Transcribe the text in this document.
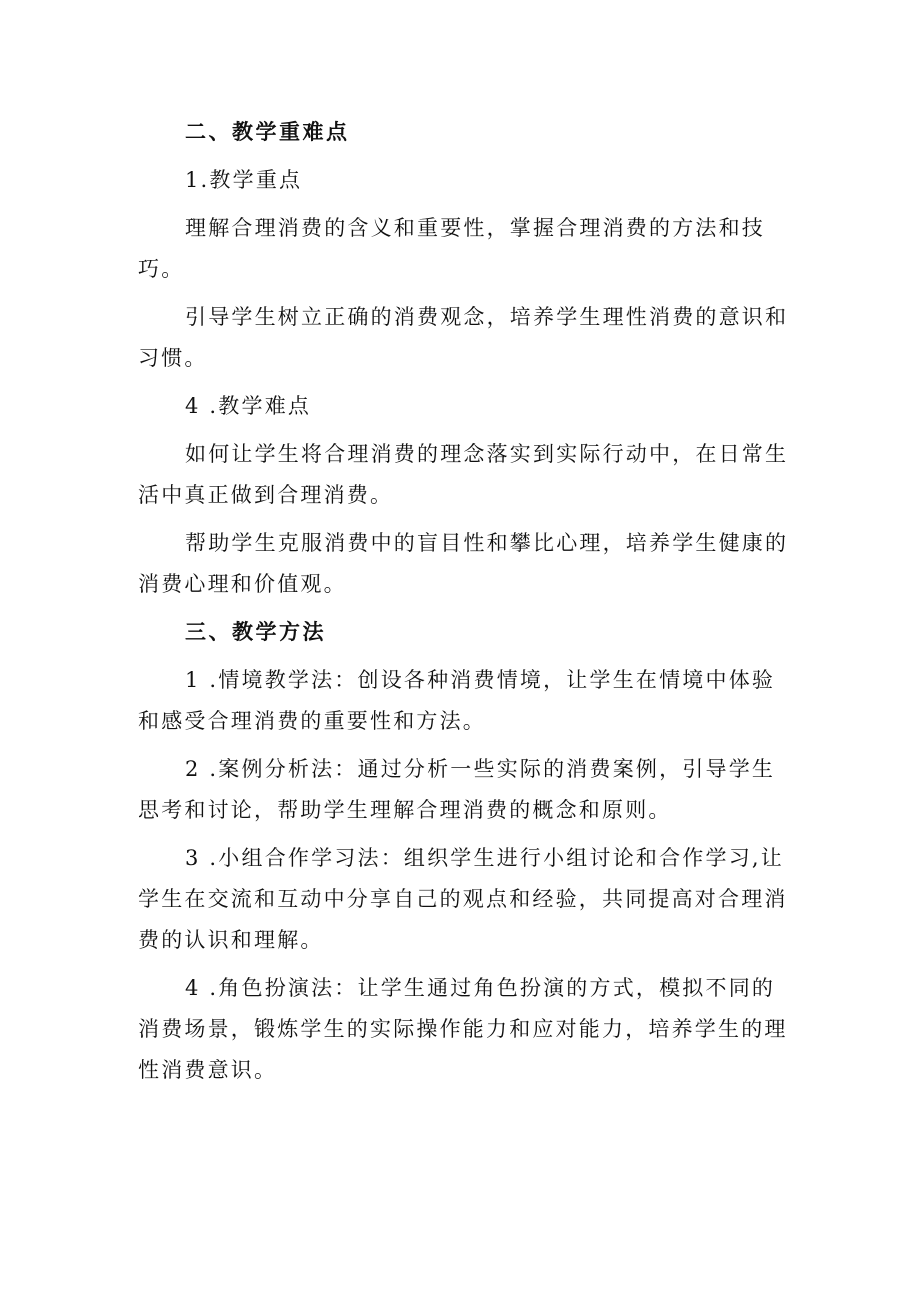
二、教学重难点

1.教学重点

理解合理消费的含义和重要性，掌握合理消费的方法和技巧。

引导学生树立正确的消费观念，培养学生理性消费的意识和习惯。

4 .教学难点

如何让学生将合理消费的理念落实到实际行动中，在日常生活中真正做到合理消费。

帮助学生克服消费中的盲目性和攀比心理，培养学生健康的消费心理和价值观。

三、教学方法

1 .情境教学法：创设各种消费情境，让学生在情境中体验和感受合理消费的重要性和方法。

2 .案例分析法：通过分析一些实际的消费案例，引导学生思考和讨论，帮助学生理解合理消费的概念和原则。

3 .小组合作学习法：组织学生进行小组讨论和合作学习,让学生在交流和互动中分享自己的观点和经验，共同提高对合理消费的认识和理解。

4 .角色扮演法：让学生通过角色扮演的方式，模拟不同的消费场景，锻炼学生的实际操作能力和应对能力，培养学生的理性消费意识。
